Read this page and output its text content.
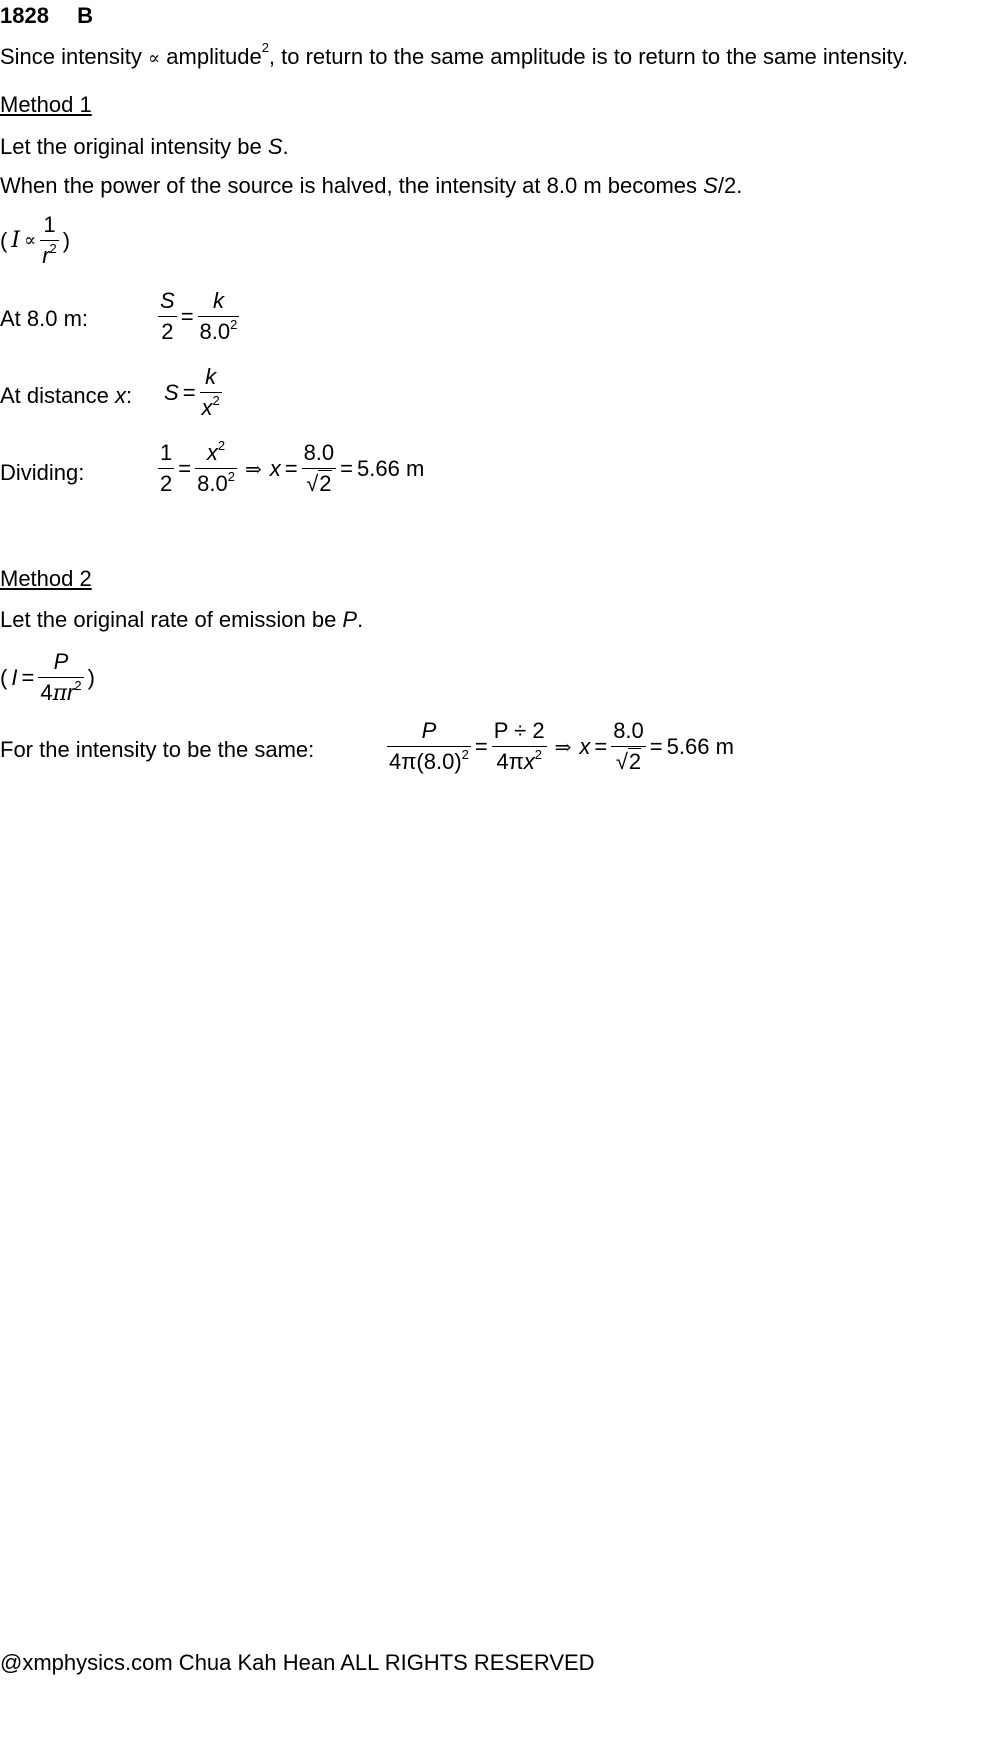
1828 B
Since intensity ∝ amplitude$^2$, to return to the same amplitude is to return to the same intensity.
Method 1
Let the original intensity be S.
When the power of the source is halved, the intensity at 8.0 m becomes S/2.
( $I \propto \frac{1}{r^2}$ )
At 8.0 m:	$\frac{S}{2} = \frac{k}{8.0^2}$
At distance x: $S = \frac{k}{x^2}$
Dividing:	$\frac{1}{2} = \frac{x^2}{8.0^2}$ ⇒ $x = \frac{8.0}{√2} = 5.66$ m
Method 2
Let the original rate of emission be P.
( $I = \frac{P}{4\pi r^2}$ )
For the intensity to be the same:	$\frac{P}{4\pi(8.0)^2} = \frac{P \div 2}{4\pi x^2}$ ⇒ $x = \frac{8.0}{√2} = 5.66$ m
@xmphysics.com Chua Kah Hean ALL RIGHTS RESERVED
